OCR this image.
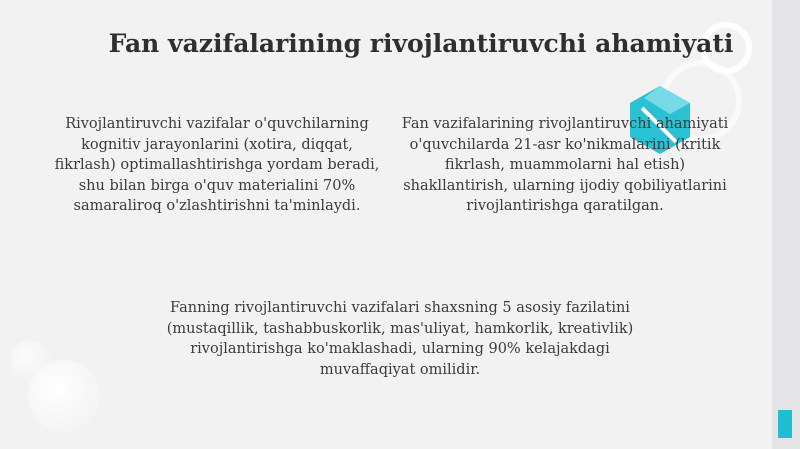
Fan vazifalarining rivojlantiruvchi ahamiyati

Rivojlantiruvchi vazifalar o'quvchilarning kognitiv jarayonlarini (xotira, diqqat, fikrlash) optimallashtirishga yordam beradi, shu bilan birga o'quv materialini 70% samaraliroq o'zlashtirishni ta'minlaydi.

Fan vazifalarining rivojlantiruvchi ahamiyati o'quvchilarda 21-asr ko'nikmalarini (kritik fikrlash, muammolarni hal etish) shakllantirish, ularning ijodiy qobiliyatlarini rivojlantirishga qaratilgan.

Fanning rivojlantiruvchi vazifalari shaxsning 5 asosiy fazilatini (mustaqillik, tashabbuskorlik, mas'uliyat, hamkorlik, kreativlik) rivojlantirishga ko'maklashadi, ularning 90% kelajakdagi muvaffaqiyat omilidir.
